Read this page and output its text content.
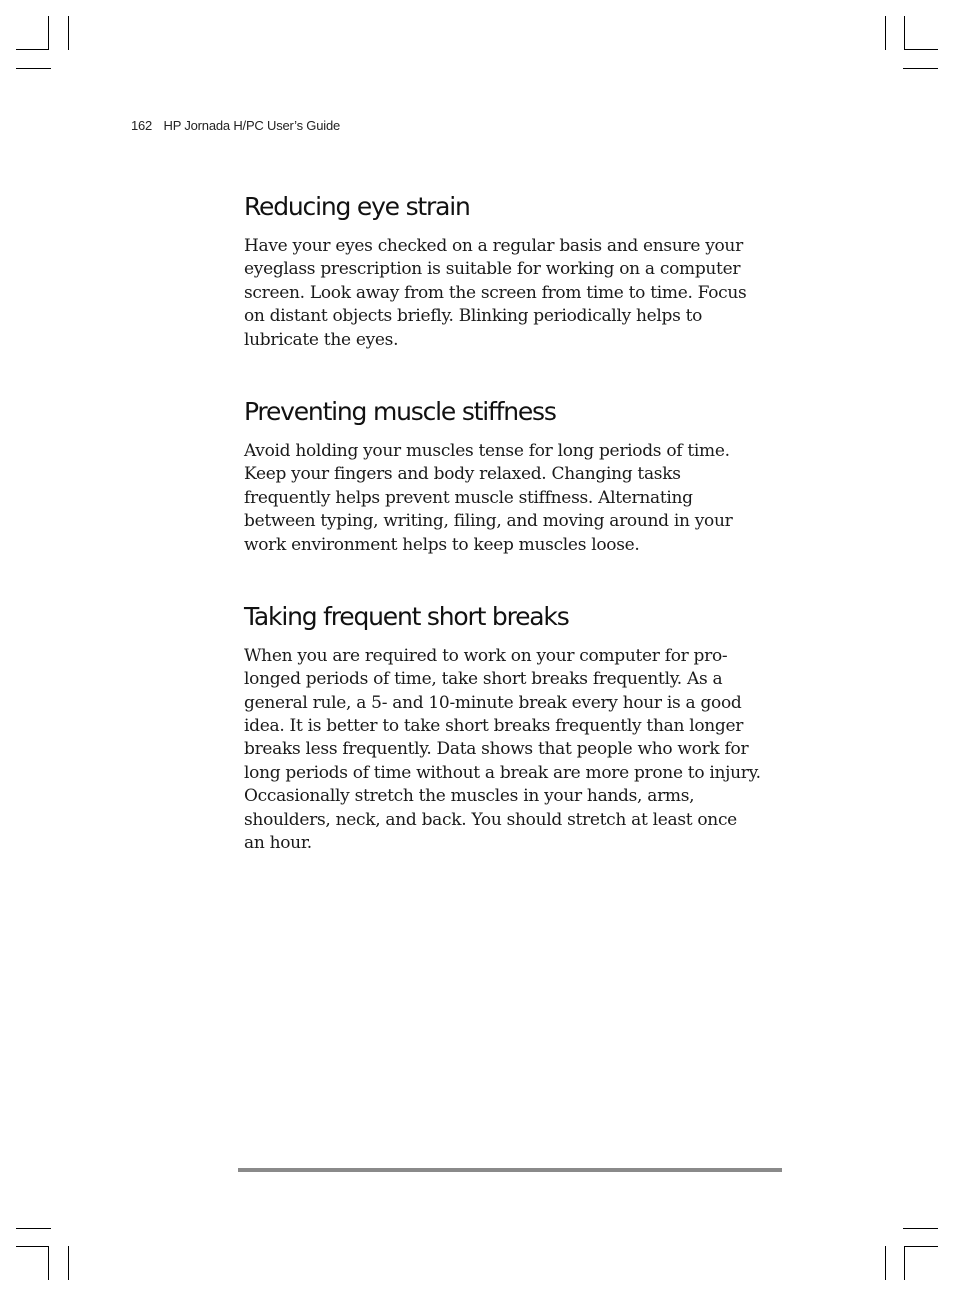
162 HP Jornada H/PC User’s Guide
Reducing eye strain
Have your eyes checked on a regular basis and ensure your
eyeglass prescription is suitable for working on a computer
screen. Look away from the screen from time to time. Focus
on distant objects briefly. Blinking periodically helps to
lubricate the eyes.
Preventing muscle stiffness
Avoid holding your muscles tense for long periods of time.
Keep your fingers and body relaxed. Changing tasks
frequently helps prevent muscle stiffness. Alternating
between typing, writing, filing, and moving around in your
work environment helps to keep muscles loose.
Taking frequent short breaks
When you are required to work on your computer for pro-
longed periods of time, take short breaks frequently. As a
general rule, a 5- and 10-minute break every hour is a good
idea. It is better to take short breaks frequently than longer
breaks less frequently. Data shows that people who work for
long periods of time without a break are more prone to injury.
Occasionally stretch the muscles in your hands, arms,
shoulders, neck, and back. You should stretch at least once
an hour.
